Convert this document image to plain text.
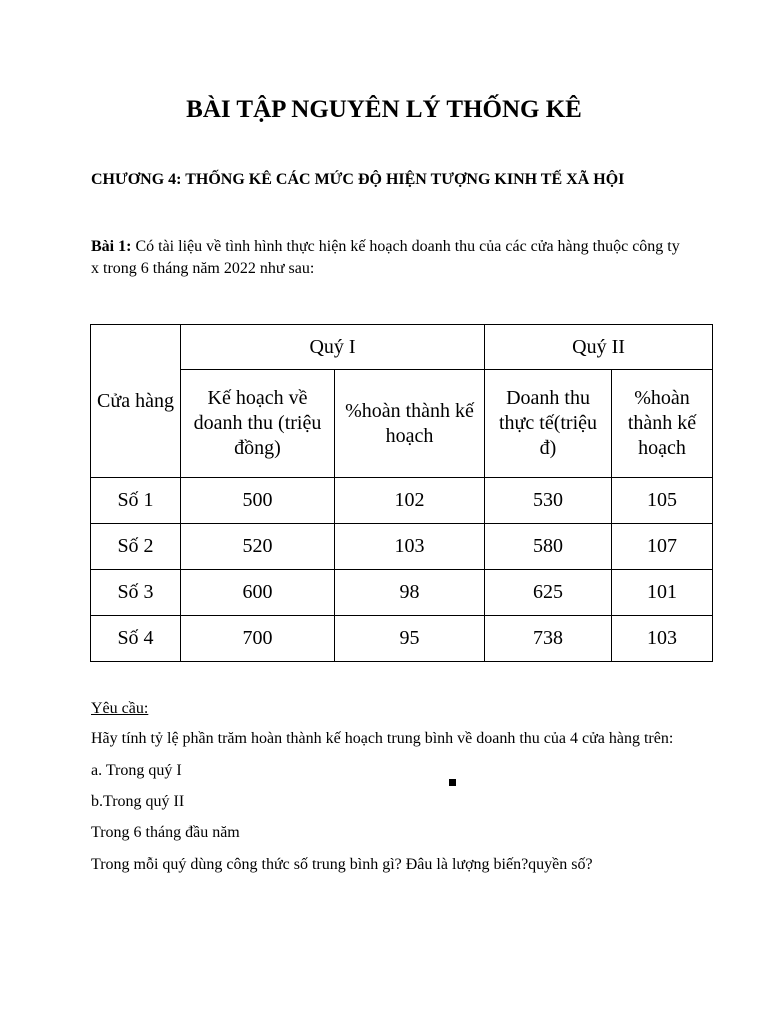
BÀI TẬP NGUYÊN LÝ THỐNG KÊ

CHƯƠNG 4: THỐNG KÊ CÁC MỨC ĐỘ HIỆN TƯỢNG KINH TẾ XÃ HỘI

Bài 1: Có tài liệu về tình hình thực hiện kế hoạch doanh thu của các cửa hàng thuộc công ty x trong 6 tháng năm 2022 như sau:

Cửa hàng	Quý I		Quý II	
	Kế hoạch về doanh thu (triệu đồng)	%hoàn thành kế hoạch	Doanh thu thực tế(triệu đ)	%hoàn thành kế hoạch
Số 1	500	102	530	105
Số 2	520	103	580	107
Số 3	600	98	625	101
Số 4	700	95	738	103

Yêu cầu:

Hãy tính tỷ lệ phần trăm hoàn thành kế hoạch trung bình về doanh thu của 4 cửa hàng trên:

a. Trong quý I

b.Trong quý II

Trong 6 tháng đầu năm

Trong mỗi quý dùng công thức số trung bình gì? Đâu là lượng biến?quyền số?
